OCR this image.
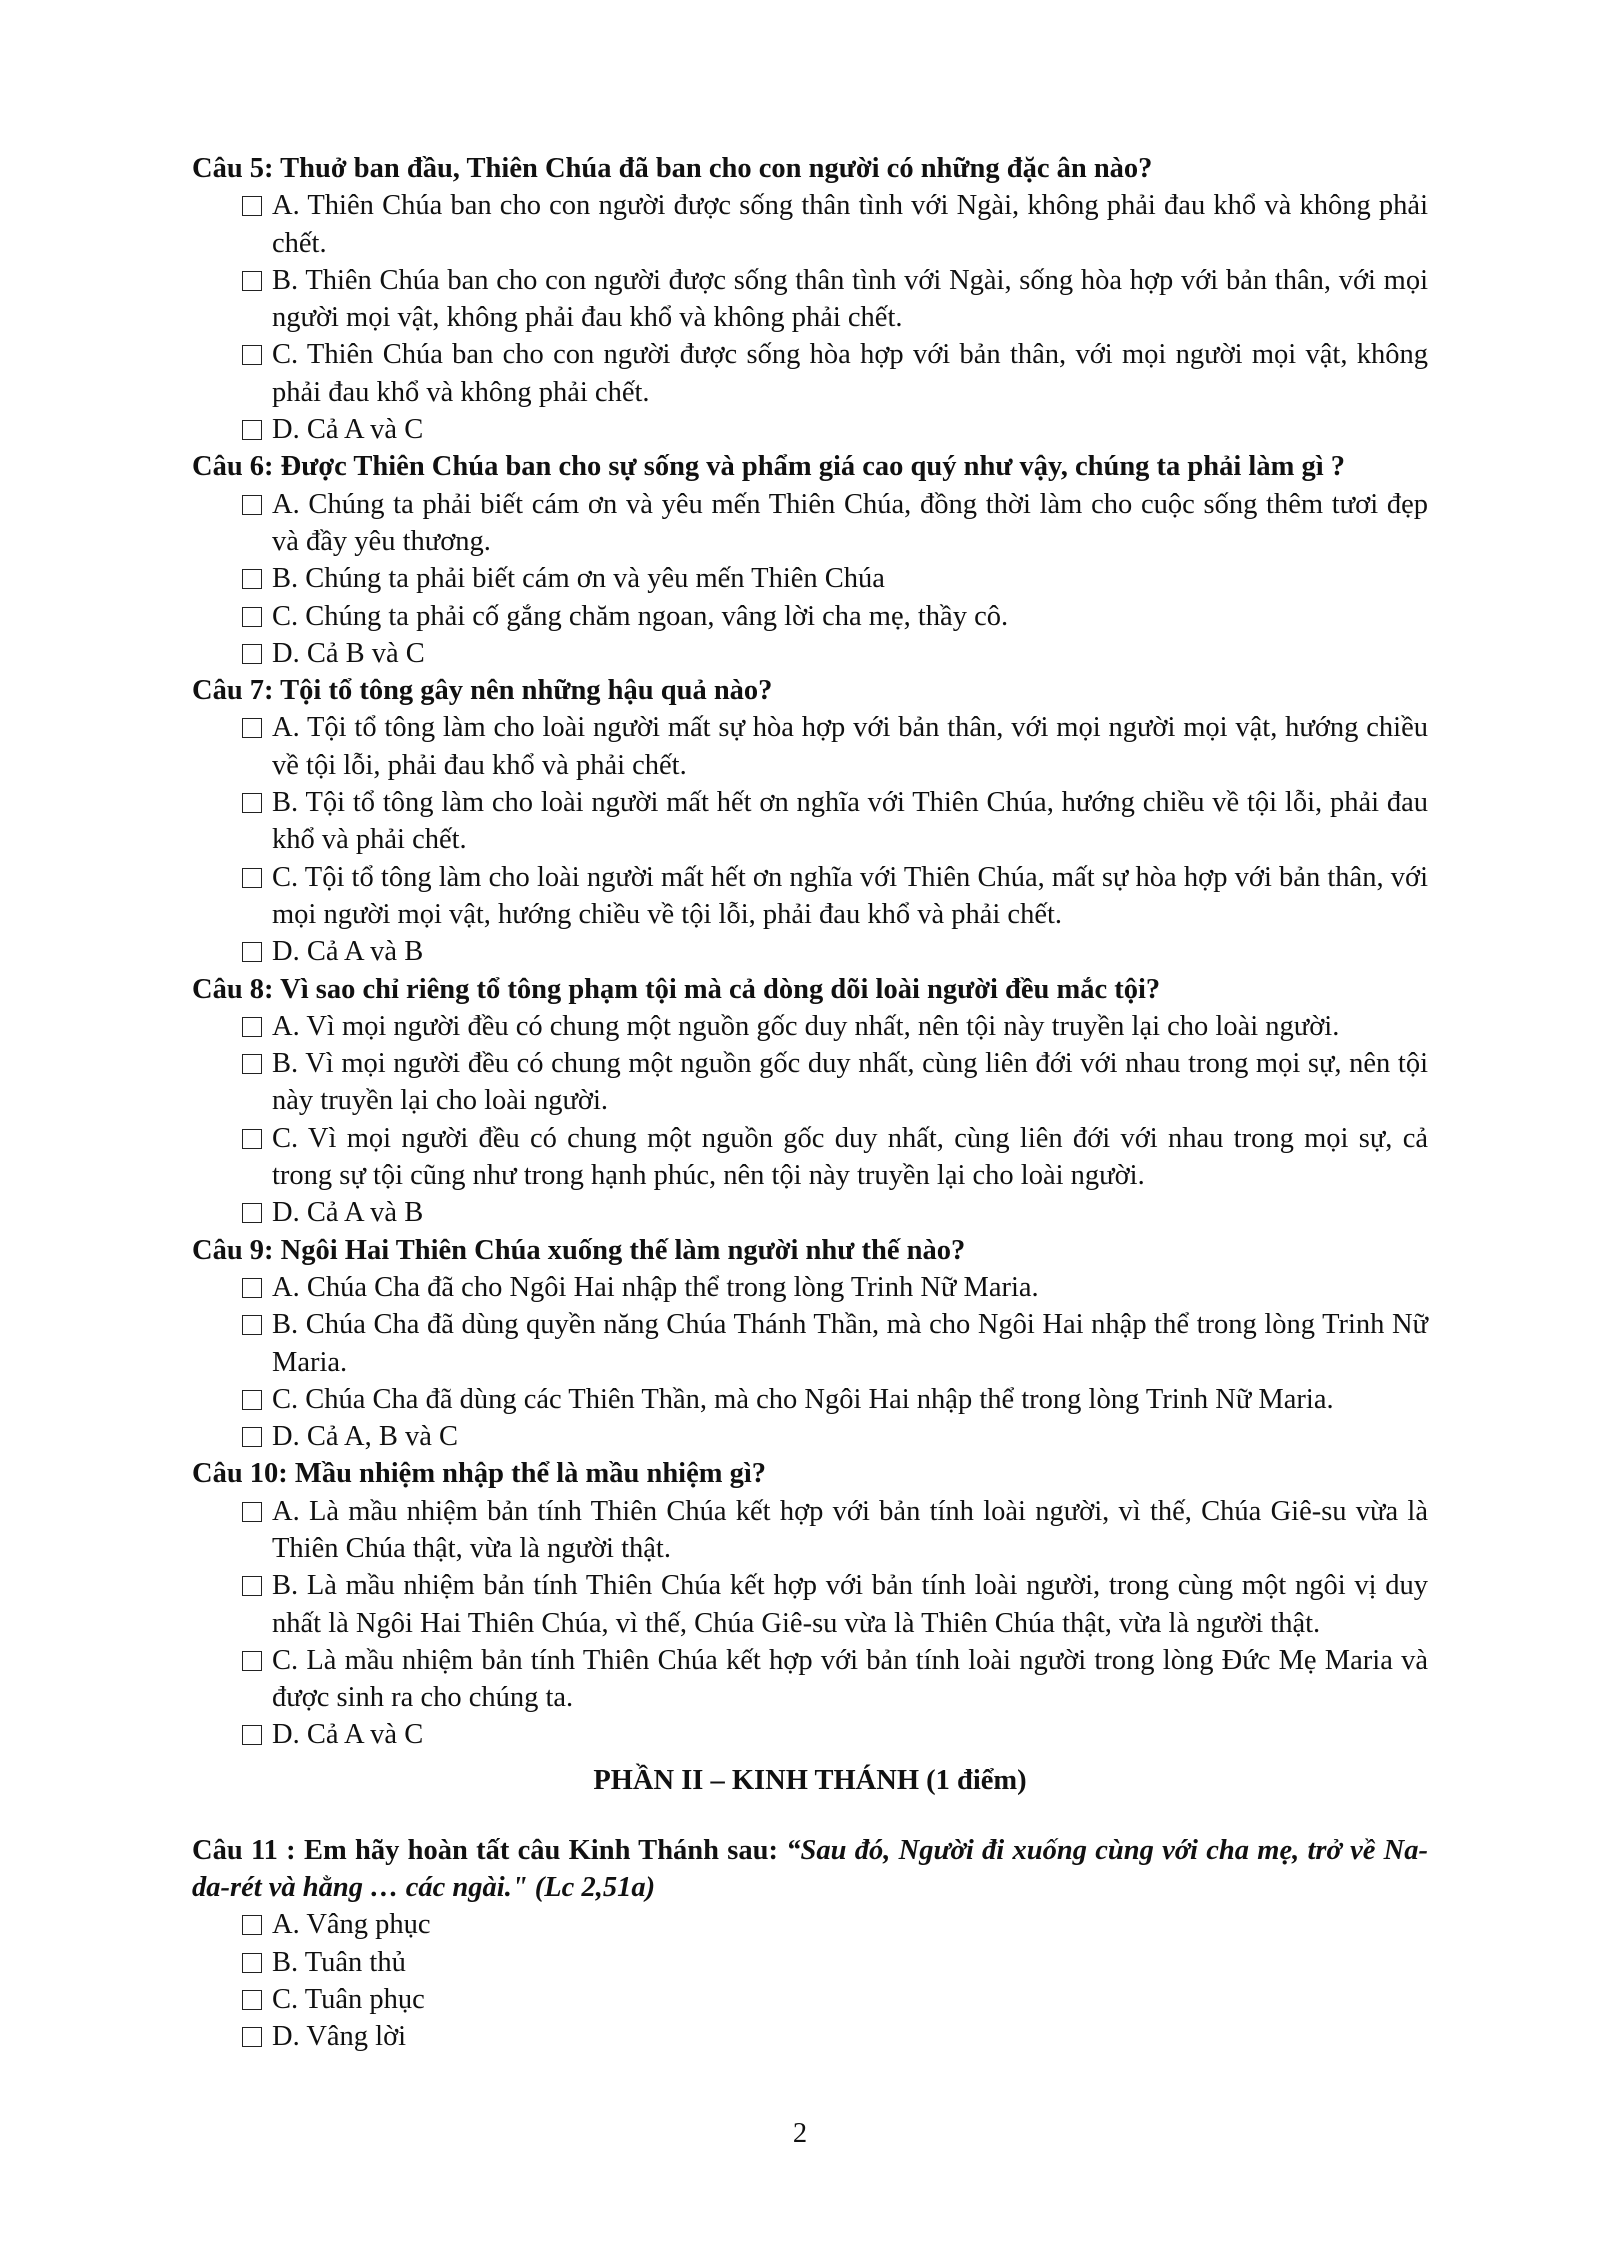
Câu 5: Thuở ban đầu, Thiên Chúa đã ban cho con người có những đặc ân nào?

A. Thiên Chúa ban cho con người được sống thân tình với Ngài, không phải đau khổ và không phải chết.
B. Thiên Chúa ban cho con người được sống thân tình với Ngài, sống hòa hợp với bản thân, với mọi người mọi vật, không phải đau khổ và không phải chết.
C. Thiên Chúa ban cho con người được sống hòa hợp với bản thân, với mọi người mọi vật, không phải đau khổ và không phải chết.
D. Cả A và C

Câu 6: Được Thiên Chúa ban cho sự sống và phẩm giá cao quý như vậy, chúng ta phải làm gì ?

A. Chúng ta phải biết cám ơn và yêu mến Thiên Chúa, đồng thời làm cho cuộc sống thêm tươi đẹp và đầy yêu thương.
B. Chúng ta phải biết cám ơn và yêu mến Thiên Chúa
C. Chúng ta phải cố gắng chăm ngoan, vâng lời cha mẹ, thầy cô.
D. Cả B và C

Câu 7: Tội tổ tông gây nên những hậu quả nào?

A. Tội tổ tông làm cho loài người mất sự hòa hợp với bản thân, với mọi người mọi vật, hướng chiều về tội lỗi, phải đau khổ và phải chết.
B. Tội tổ tông làm cho loài người mất hết ơn nghĩa với Thiên Chúa, hướng chiều về tội lỗi, phải đau khổ và phải chết.
C. Tội tổ tông làm cho loài người mất hết ơn nghĩa với Thiên Chúa, mất sự hòa hợp với bản thân, với mọi người mọi vật, hướng chiều về tội lỗi, phải đau khổ và phải chết.
D. Cả A và B

Câu 8: Vì sao chỉ riêng tổ tông phạm tội mà cả dòng dõi loài người đều mắc tội?

A. Vì mọi người đều có chung một nguồn gốc duy nhất, nên tội này truyền lại cho loài người.
B. Vì mọi người đều có chung một nguồn gốc duy nhất, cùng liên đới với nhau trong mọi sự, nên tội này truyền lại cho loài người.
C. Vì mọi người đều có chung một nguồn gốc duy nhất, cùng liên đới với nhau trong mọi sự, cả trong sự tội cũng như trong hạnh phúc, nên tội này truyền lại cho loài người.
D. Cả A và B

Câu 9: Ngôi Hai Thiên Chúa xuống thế làm người như thế nào?

A. Chúa Cha đã cho Ngôi Hai nhập thể trong lòng Trinh Nữ Maria.
B. Chúa Cha đã dùng quyền năng Chúa Thánh Thần, mà cho Ngôi Hai nhập thể trong lòng Trinh Nữ Maria.
C. Chúa Cha đã dùng các Thiên Thần, mà cho Ngôi Hai nhập thể trong lòng Trinh Nữ Maria.
D. Cả A, B và C

Câu 10: Mầu nhiệm nhập thể là mầu nhiệm gì?

A. Là mầu nhiệm bản tính Thiên Chúa kết hợp với bản tính loài người, vì thế, Chúa Giê-su vừa là Thiên Chúa thật, vừa là người thật.
B. Là mầu nhiệm bản tính Thiên Chúa kết hợp với bản tính loài người, trong cùng một ngôi vị duy nhất là Ngôi Hai Thiên Chúa, vì thế, Chúa Giê-su vừa là Thiên Chúa thật, vừa là người thật.
C. Là mầu nhiệm bản tính Thiên Chúa kết hợp với bản tính loài người trong lòng Đức Mẹ Maria và được sinh ra cho chúng ta.
D. Cả A và C
PHẦN II – KINH THÁNH (1 điểm)

Câu 11 : Em hãy hoàn tất câu Kinh Thánh sau: “Sau đó, Người đi xuống cùng với cha mẹ, trở về Na-da-rét và hằng … các ngài." (Lc 2,51a)

A. Vâng phục
B. Tuân thủ
C. Tuân phục
D. Vâng lời
2
